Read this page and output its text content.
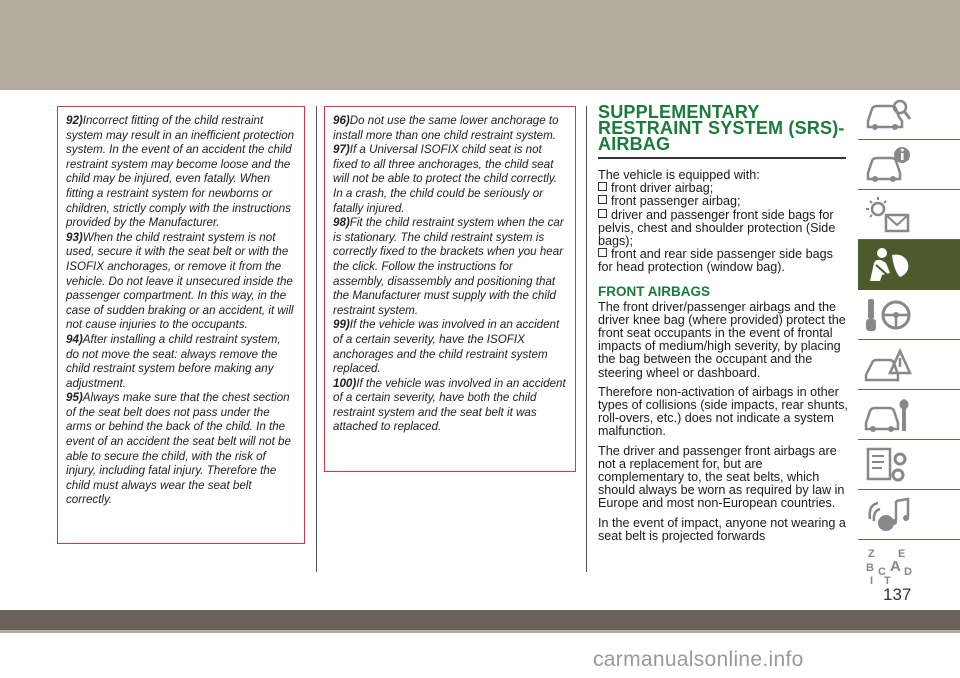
92)Incorrect fitting of the child restraint system may result in an inefficient protection system. In the event of an accident the child restraint system may become loose and the child may be injured, even fatally. When fitting a restraint system for newborns or children, strictly comply with the instructions provided by the Manufacturer.

93)When the child restraint system is not used, secure it with the seat belt or with the ISOFIX anchorages, or remove it from the vehicle. Do not leave it unsecured inside the passenger compartment. In this way, in the case of sudden braking or an accident, it will not cause injuries to the occupants.

94)After installing a child restraint system, do not move the seat: always remove the child restraint system before making any adjustment.

95)Always make sure that the chest section of the seat belt does not pass under the arms or behind the back of the child. In the event of an accident the seat belt will not be able to secure the child, with the risk of injury, including fatal injury. Therefore the child must always wear the seat belt correctly.

96)Do not use the same lower anchorage to install more than one child restraint system.

97)If a Universal ISOFIX child seat is not fixed to all three anchorages, the child seat will not be able to protect the child correctly. In a crash, the child could be seriously or fatally injured.

98)Fit the child restraint system when the car is stationary. The child restraint system is correctly fixed to the brackets when you hear the click. Follow the instructions for assembly, disassembly and positioning that the Manufacturer must supply with the child restraint system.

99)If the vehicle was involved in an accident of a certain severity, have the ISOFIX anchorages and the child restraint system replaced.

100)If the vehicle was involved in an accident of a certain severity, have both the child restraint system and the seat belt it was attached to replaced.

SUPPLEMENTARY
RESTRAINT SYSTEM (SRS)-
AIRBAG
The vehicle is equipped with:
front driver airbag;
front passenger airbag;
driver and passenger front side bags for pelvis, chest and shoulder protection (Side bags);
front and rear side passenger side bags for head protection (window bag).
FRONT AIRBAGS

The front driver/passenger airbags and the driver knee bag (where provided) protect the front seat occupants in the event of frontal impacts of medium/high severity, by placing the bag between the occupant and the steering wheel or dashboard.

Therefore non-activation of airbags in other types of collisions (side impacts, rear shunts, roll-overs, etc.) does not indicate a system malfunction.

The driver and passenger front airbags are not a replacement for, but are complementary to, the seat belts, which should always be worn as required by law in Europe and most non-European countries.

In the event of impact, anyone not wearing a seat belt is projected forwards

Z E
B A
C D
I T
137
carmanualsonline.info
